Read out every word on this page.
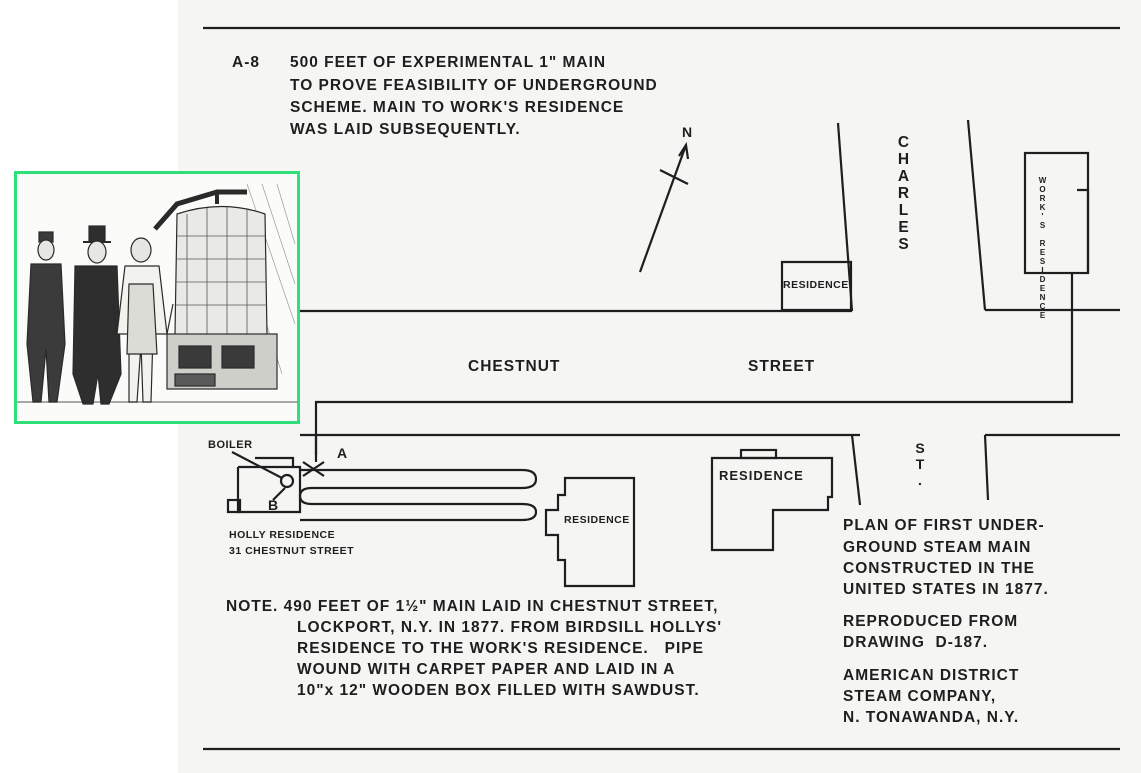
A-8 500 FEET OF EXPERIMENTAL 1" MAIN
TO PROVE FEASIBILITY OF UNDERGROUND
SCHEME. MAIN TO WORK'S RESIDENCE
WAS LAID SUBSEQUENTLY.	N
CHARLES
CHESTNUT	STREET
ST.
RESIDENCE	WORK'S RESIDENCE
RESIDENCE
RESIDENCE
BOILER	A
B
HOLLY RESIDENCE
31 CHESTNUT STREET
NOTE. 490 FEET OF 1½" MAIN LAID IN CHESTNUT STREET,
LOCKPORT, N.Y. IN 1877. FROM BIRDSILL HOLLYS'
RESIDENCE TO THE WORK'S RESIDENCE.   PIPE
WOUND WITH CARPET PAPER AND LAID IN A
10"x 12" WOODEN BOX FILLED WITH SAWDUST.
PLAN OF FIRST UNDER-
GROUND STEAM MAIN
CONSTRUCTED IN THE
UNITED STATES IN 1877.
REPRODUCED FROM
DRAWING  D-187.
AMERICAN DISTRICT
STEAM COMPANY,
N. TONAWANDA, N.Y.
